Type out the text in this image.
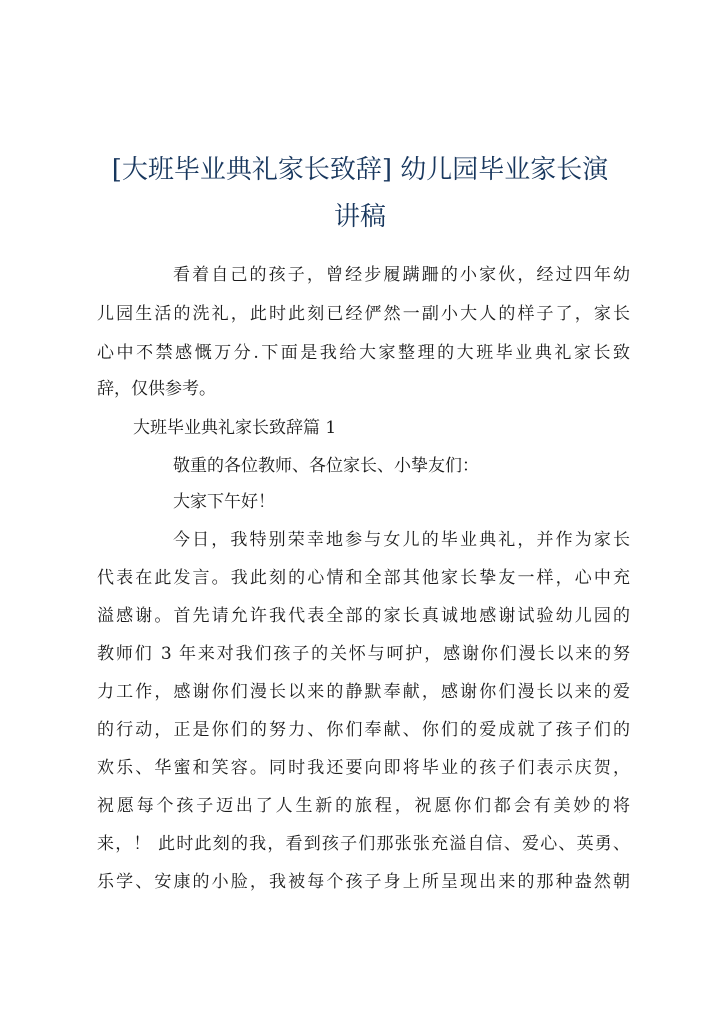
[大班毕业典礼家长致辞] 幼儿园毕业家长演
讲稿

看着自己的孩子，曾经步履蹒跚的小家伙，经过四年幼

儿园生活的洗礼，此时此刻已经俨然一副小大人的样子了，家长

心中不禁感慨万分.下面是我给大家整理的大班毕业典礼家长致

辞，仅供参考。

大班毕业典礼家长致辞篇 1

敬重的各位教师、各位家长、小挚友们：

大家下午好！

今日，我特别荣幸地参与女儿的毕业典礼，并作为家长

代表在此发言。我此刻的心情和全部其他家长挚友一样，心中充

溢感谢。首先请允许我代表全部的家长真诚地感谢试验幼儿园的

教师们 3 年来对我们孩子的关怀与呵护，感谢你们漫长以来的努

力工作，感谢你们漫长以来的静默奉献，感谢你们漫长以来的爱

的行动，正是你们的努力、你们奉献、你们的爱成就了孩子们的

欢乐、华蜜和笑容。同时我还要向即将毕业的孩子们表示庆贺，

祝愿每个孩子迈出了人生新的旅程，祝愿你们都会有美妙的将

来，！ 此时此刻的我，看到孩子们那张张充溢自信、爱心、英勇、

乐学、安康的小脸，我被每个孩子身上所呈现出来的那种盎然朝
